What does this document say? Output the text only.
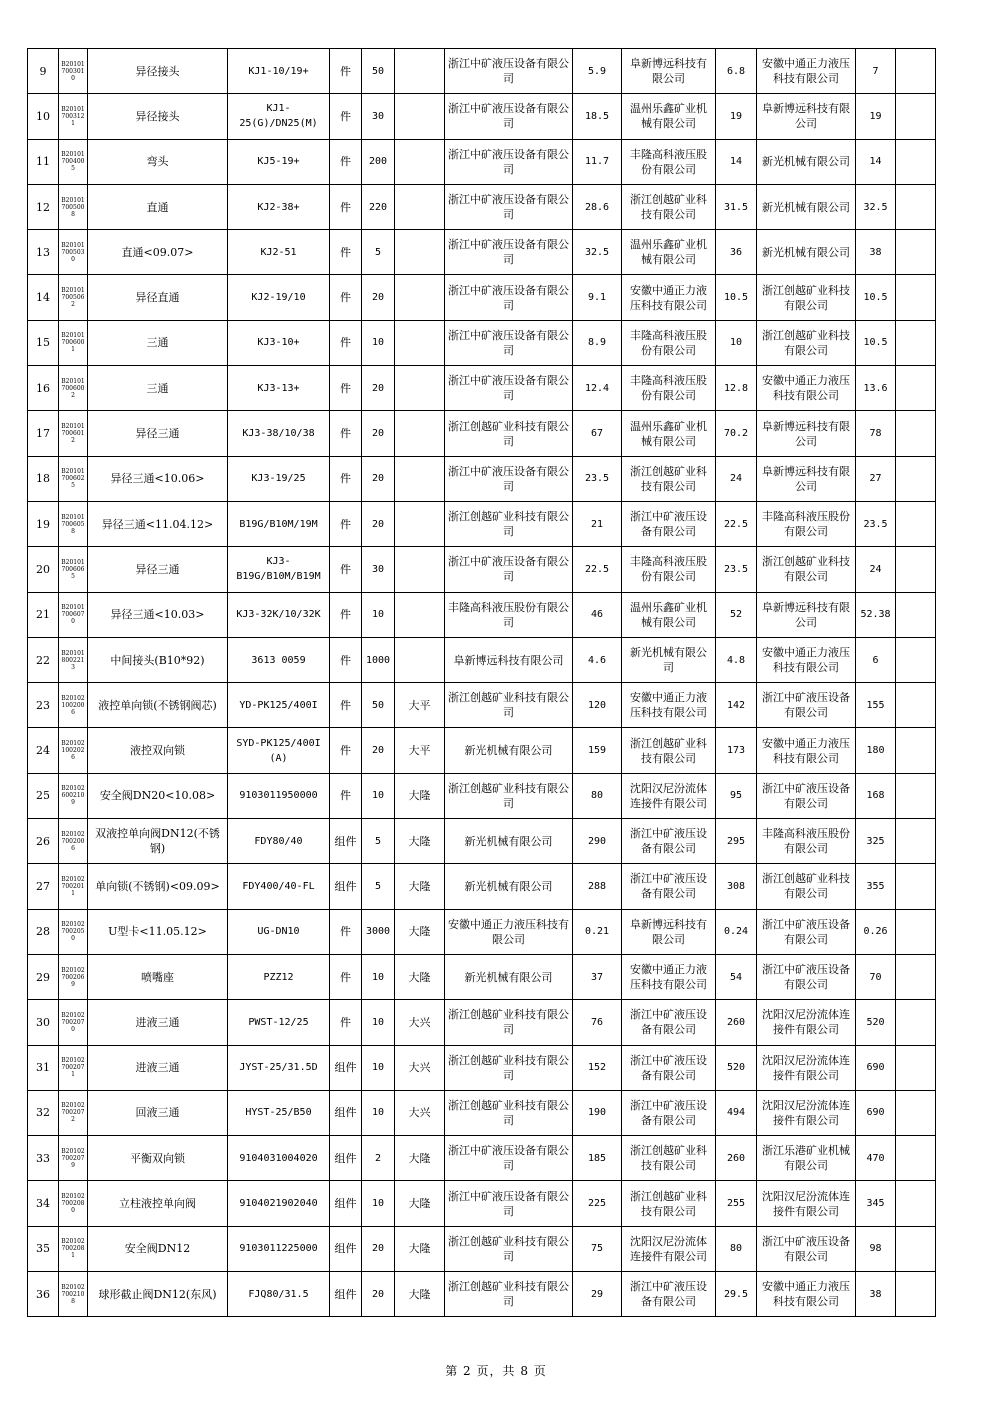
9	B201017003010	异径接头	KJ1-10/19+	件	50		浙江中矿液压设备有限公司	5.9	阜新博远科技有限公司	6.8	安徽中通正力液压科技有限公司	7	
10	B201017003121	异径接头	KJ1-25(G)/DN25(M)	件	30		浙江中矿液压设备有限公司	18.5	温州乐鑫矿业机械有限公司	19	阜新博远科技有限公司	19	
11	B201017004005	弯头	KJ5-19+	件	200		浙江中矿液压设备有限公司	11.7	丰隆高科液压股份有限公司	14	新光机械有限公司	14	
12	B201017005008	直通	KJ2-38+	件	220		浙江中矿液压设备有限公司	28.6	浙江创越矿业科技有限公司	31.5	新光机械有限公司	32.5	
13	B201017005030	直通<09.07>	KJ2-51	件	5		浙江中矿液压设备有限公司	32.5	温州乐鑫矿业机械有限公司	36	新光机械有限公司	38	
14	B201017005062	异径直通	KJ2-19/10	件	20		浙江中矿液压设备有限公司	9.1	安徽中通正力液压科技有限公司	10.5	浙江创越矿业科技有限公司	10.5	
15	B201017006001	三通	KJ3-10+	件	10		浙江中矿液压设备有限公司	8.9	丰隆高科液压股份有限公司	10	浙江创越矿业科技有限公司	10.5	
16	B201017006002	三通	KJ3-13+	件	20		浙江中矿液压设备有限公司	12.4	丰隆高科液压股份有限公司	12.8	安徽中通正力液压科技有限公司	13.6	
17	B201017006012	异径三通	KJ3-38/10/38	件	20		浙江创越矿业科技有限公司	67	温州乐鑫矿业机械有限公司	70.2	阜新博远科技有限公司	78	
18	B201017006025	异径三通<10.06>	KJ3-19/25	件	20		浙江中矿液压设备有限公司	23.5	浙江创越矿业科技有限公司	24	阜新博远科技有限公司	27	
19	B201017006058	异径三通<11.04.12>	B19G/B10M/19M	件	20		浙江创越矿业科技有限公司	21	浙江中矿液压设备有限公司	22.5	丰隆高科液压股份有限公司	23.5	
20	B201017006065	异径三通	KJ3-B19G/B10M/B19M	件	30		浙江中矿液压设备有限公司	22.5	丰隆高科液压股份有限公司	23.5	浙江创越矿业科技有限公司	24	
21	B201017006070	异径三通<10.03>	KJ3-32K/10/32K	件	10		丰隆高科液压股份有限公司	46	温州乐鑫矿业机械有限公司	52	阜新博远科技有限公司	52.38	
22	B201018002213	中间接头(B10*92)	3613 0059	件	1000		阜新博远科技有限公司	4.6	新光机械有限公司	4.8	安徽中通正力液压科技有限公司	6	
23	B201021002006	液控单向锁(不锈钢阀芯)	YD-PK125/400I	件	50	大平	浙江创越矿业科技有限公司	120	安徽中通正力液压科技有限公司	142	浙江中矿液压设备有限公司	155	
24	B201021002026	液控双向锁	SYD-PK125/400I (A)	件	20	大平	新光机械有限公司	159	浙江创越矿业科技有限公司	173	安徽中通正力液压科技有限公司	180	
25	B201026002109	安全阀DN20<10.08>	9103011950000	件	10	大隆	浙江创越矿业科技有限公司	80	沈阳汉尼汾流体连接件有限公司	95	浙江中矿液压设备有限公司	168	
26	B201027002006	双液控单向阀DN12(不锈钢)	FDY80/40	组件	5	大隆	新光机械有限公司	290	浙江中矿液压设备有限公司	295	丰隆高科液压股份有限公司	325	
27	B201027002011	单向锁(不锈钢)<09.09>	FDY400/40-FL	组件	5	大隆	新光机械有限公司	288	浙江中矿液压设备有限公司	308	浙江创越矿业科技有限公司	355	
28	B201027002050	U型卡<11.05.12>	UG-DN10	件	3000	大隆	安徽中通正力液压科技有限公司	0.21	阜新博远科技有限公司	0.24	浙江中矿液压设备有限公司	0.26	
29	B201027002069	喷嘴座	PZZ12	件	10	大隆	新光机械有限公司	37	安徽中通正力液压科技有限公司	54	浙江中矿液压设备有限公司	70	
30	B201027002070	进液三通	PWST-12/25	件	10	大兴	浙江创越矿业科技有限公司	76	浙江中矿液压设备有限公司	260	沈阳汉尼汾流体连接件有限公司	520	
31	B201027002071	进液三通	JYST-25/31.5D	组件	10	大兴	浙江创越矿业科技有限公司	152	浙江中矿液压设备有限公司	520	沈阳汉尼汾流体连接件有限公司	690	
32	B201027002072	回液三通	HYST-25/B50	组件	10	大兴	浙江创越矿业科技有限公司	190	浙江中矿液压设备有限公司	494	沈阳汉尼汾流体连接件有限公司	690	
33	B201027002079	平衡双向锁	9104031004020	组件	2	大隆	浙江中矿液压设备有限公司	185	浙江创越矿业科技有限公司	260	浙江乐港矿业机械有限公司	470	
34	B201027002080	立柱液控单向阀	9104021902040	组件	10	大隆	浙江中矿液压设备有限公司	225	浙江创越矿业科技有限公司	255	沈阳汉尼汾流体连接件有限公司	345	
35	B201027002081	安全阀DN12	9103011225000	组件	20	大隆	浙江创越矿业科技有限公司	75	沈阳汉尼汾流体连接件有限公司	80	浙江中矿液压设备有限公司	98	
36	B201027002108	球形截止阀DN12(东风)	FJQ80/31.5	组件	20	大隆	浙江创越矿业科技有限公司	29	浙江中矿液压设备有限公司	29.5	安徽中通正力液压科技有限公司	38	
第 2 页，共 8 页
